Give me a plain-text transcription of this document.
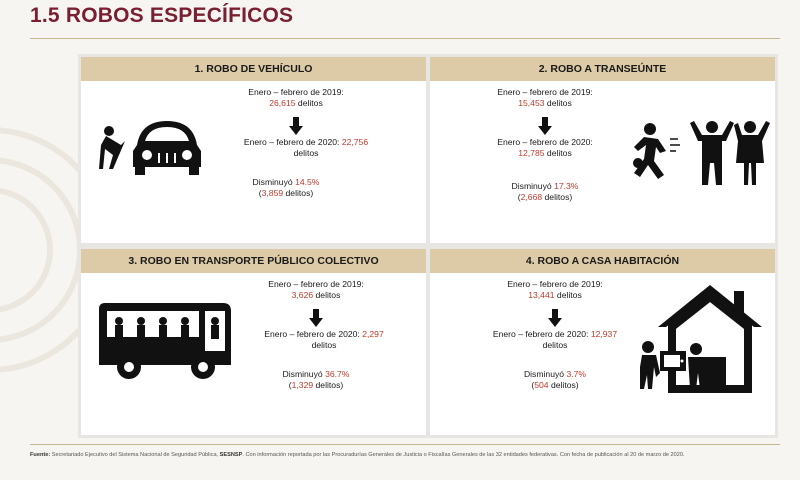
1.5 ROBOS ESPECÍFICOS
1. ROBO DE VEHÍCULO
Enero – febrero de 2019:
26,615 delitos
Enero – febrero de 2020: 22,756
delitos
Disminuyó 14.5%
(3,859 delitos)
2. ROBO A TRANSEÚNTE
Enero – febrero de 2019:
15,453 delitos
Enero – febrero de 2020:
12,785 delitos
Disminuyó 17.3%
(2,668 delitos)
3. ROBO EN TRANSPORTE PÚBLICO COLECTIVO
Enero – febrero de 2019:
3,626 delitos
Enero – febrero de 2020: 2,297
delitos
Disminuyó 36.7%
(1,329 delitos)
4. ROBO A CASA HABITACIÓN
Enero – febrero de 2019:
13,441 delitos
Enero – febrero de 2020: 12,937
delitos
Disminuyó 3.7%
(504 delitos)
Fuente: Secretariado Ejecutivo del Sistema Nacional de Seguridad Pública, SESNSP. Con información reportada por las Procuradurías Generales de Justicia o Fiscalías Generales de las 32 entidades federativas. Con fecha de publicación al 20 de marzo de 2020.
